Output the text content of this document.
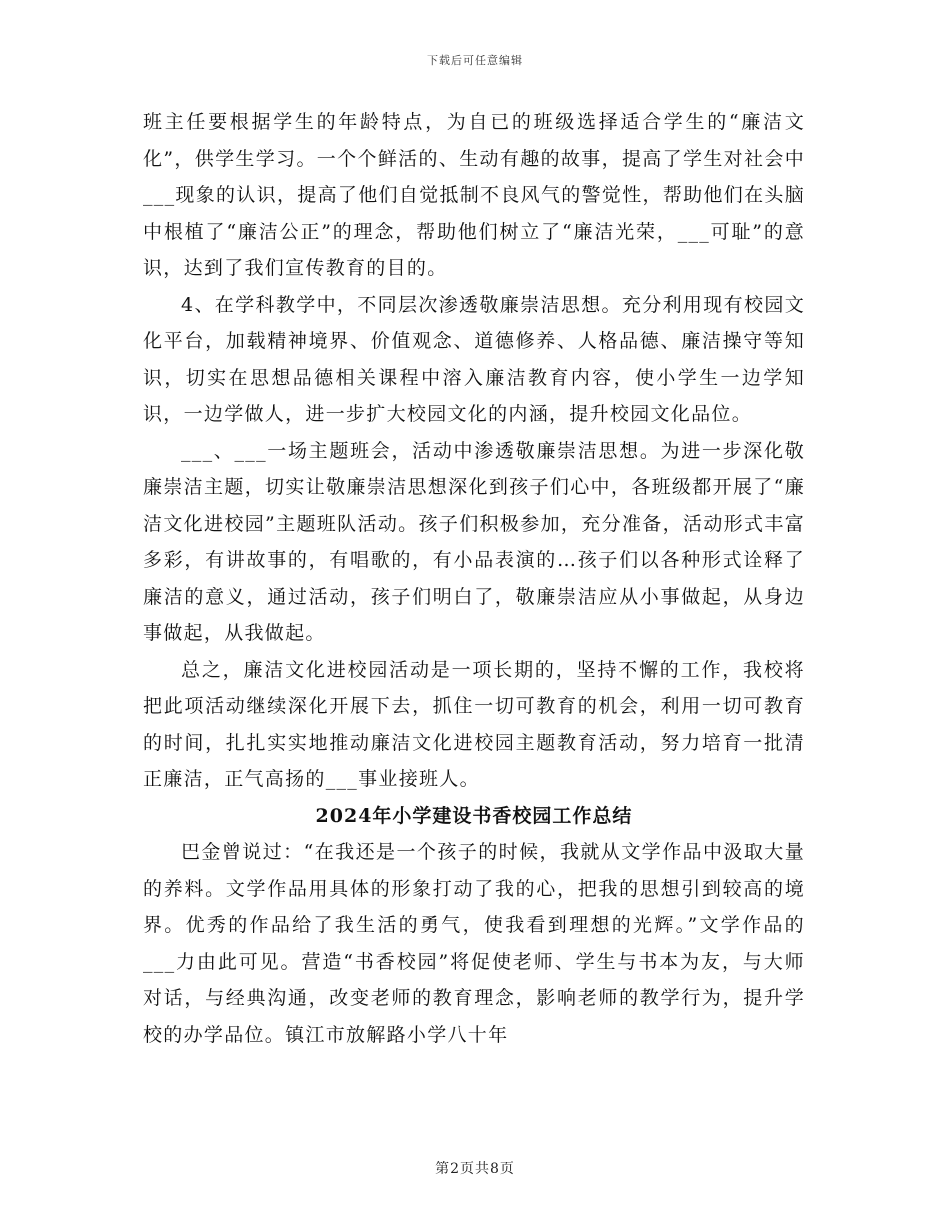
下载后可任意编辑

班主任要根据学生的年龄特点，为自已的班级选择适合学生的“廉洁文化”，供学生学习。一个个鲜活的、生动有趣的故事，提高了学生对社会中___现象的认识，提高了他们自觉抵制不良风气的警觉性，帮助他们在头脑中根植了“廉洁公正”的理念，帮助他们树立了“廉洁光荣，___可耻”的意识，达到了我们宣传教育的目的。

4、在学科教学中，不同层次渗透敬廉崇洁思想。充分利用现有校园文化平台，加载精神境界、价值观念、道德修养、人格品德、廉洁操守等知识，切实在思想品德相关课程中溶入廉洁教育内容，使小学生一边学知识，一边学做人，进一步扩大校园文化的内涵，提升校园文化品位。

___、___一场主题班会，活动中渗透敬廉崇洁思想。为进一步深化敬廉崇洁主题，切实让敬廉崇洁思想深化到孩子们心中，各班级都开展了“廉洁文化进校园”主题班队活动。孩子们积极参加，充分准备，活动形式丰富多彩，有讲故事的，有唱歌的，有小品表演的…孩子们以各种形式诠释了廉洁的意义，通过活动，孩子们明白了，敬廉崇洁应从小事做起，从身边事做起，从我做起。

总之，廉洁文化进校园活动是一项长期的，坚持不懈的工作，我校将把此项活动继续深化开展下去，抓住一切可教育的机会，利用一切可教育的时间，扎扎实实地推动廉洁文化进校园主题教育活动，努力培育一批清正廉洁，正气高扬的___事业接班人。

2024年小学建设书香校园工作总结

巴金曾说过：“在我还是一个孩子的时候，我就从文学作品中汲取大量的养料。文学作品用具体的形象打动了我的心，把我的思想引到较高的境界。优秀的作品给了我生活的勇气，使我看到理想的光辉。”文学作品的___力由此可见。营造“书香校园”将促使老师、学生与书本为友，与大师对话，与经典沟通，改变老师的教育理念，影响老师的教学行为，提升学校的办学品位。镇江市放解路小学八十年

第2页共8页
